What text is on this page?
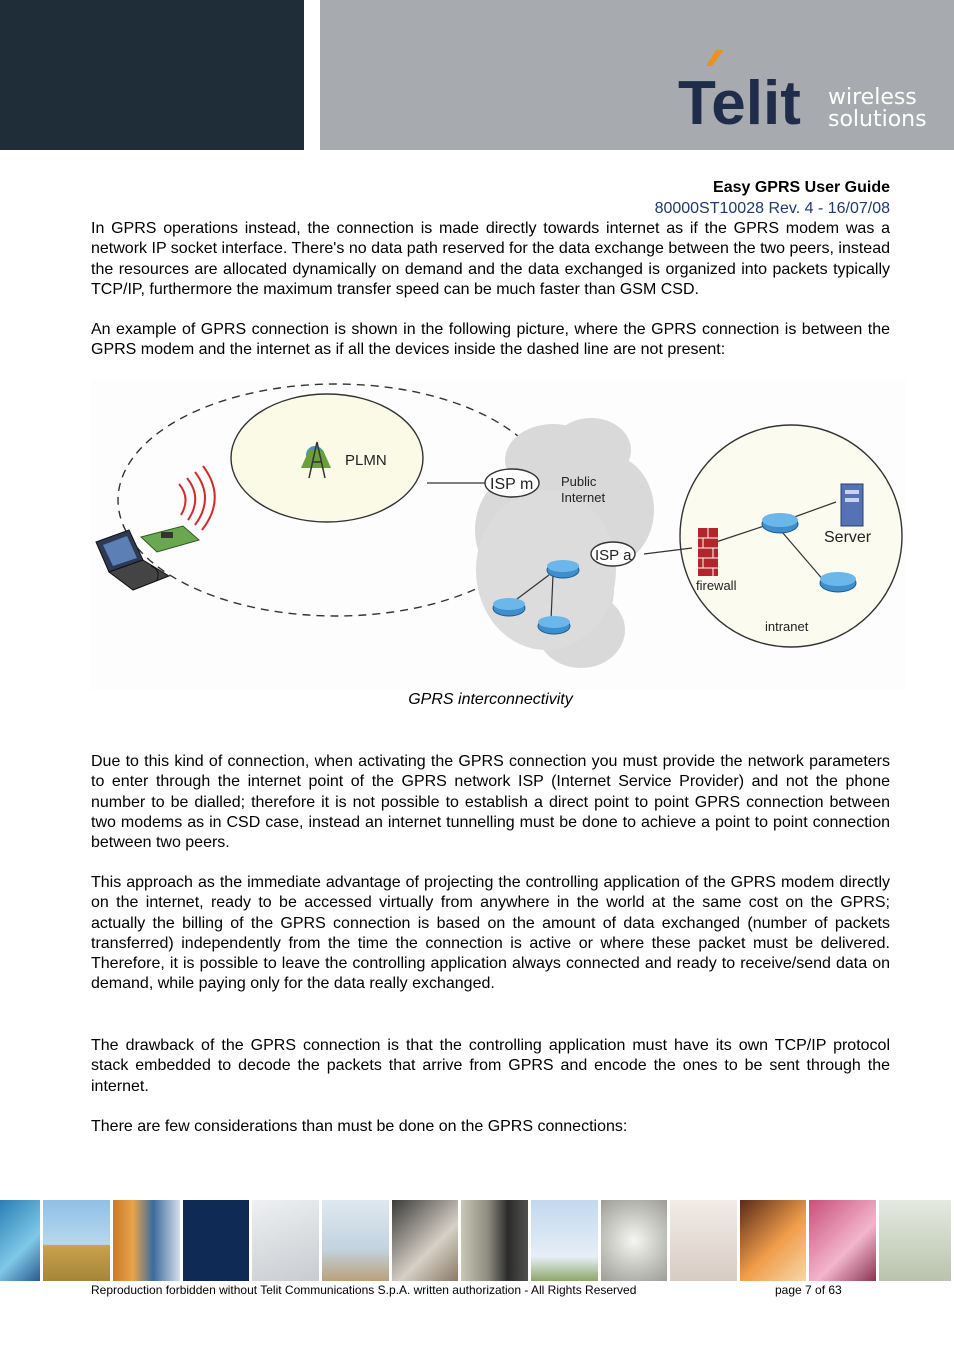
Telit wireless
solutions
Easy GPRS User Guide
80000ST10028 Rev. 4 - 16/07/08

In GPRS operations instead, the connection is made directly towards internet as if the GPRS modem was a network IP socket interface. There's no data path reserved for the data exchange between the two peers, instead the resources are allocated dynamically on demand and the data exchanged is organized into packets typically TCP/IP, furthermore the maximum transfer speed can be much faster than GSM CSD.

An example of GPRS connection is shown in the following picture, where the GPRS connection is between the GPRS modem and the internet as if all the devices inside the dashed line are not present:

ISP m
ISP a
PLMN
Public
Internet
Server
firewall
intranet
GPRS interconnectivity

Due to this kind of connection, when activating the GPRS connection you must provide the network parameters to enter through the internet point of the GPRS network ISP (Internet Service Provider) and not the phone number to be dialled; therefore it is not possible to establish a direct point to point GPRS connection between two modems as in CSD case, instead an internet tunnelling must be done to achieve a point to point connection between two peers.

This approach as the immediate advantage of projecting the controlling application of the GPRS modem directly on the internet, ready to be accessed virtually from anywhere in the world at the same cost on the GPRS; actually the billing of the GPRS connection is based on the amount of data exchanged (number of packets transferred) independently from the time the connection is active or where these packet must be delivered. Therefore, it is possible to leave the controlling application always connected and ready to receive/send data on demand, while paying only for the data really exchanged.

The drawback of the GPRS connection is that the controlling application must have its own TCP/IP protocol stack embedded to decode the packets that arrive from GPRS and encode the ones to be sent through the internet.

There are few considerations than must be done on the GPRS connections:

Reproduction forbidden without Telit Communications S.p.A. written authorization - All Rights Reserved	page 7 of 63
